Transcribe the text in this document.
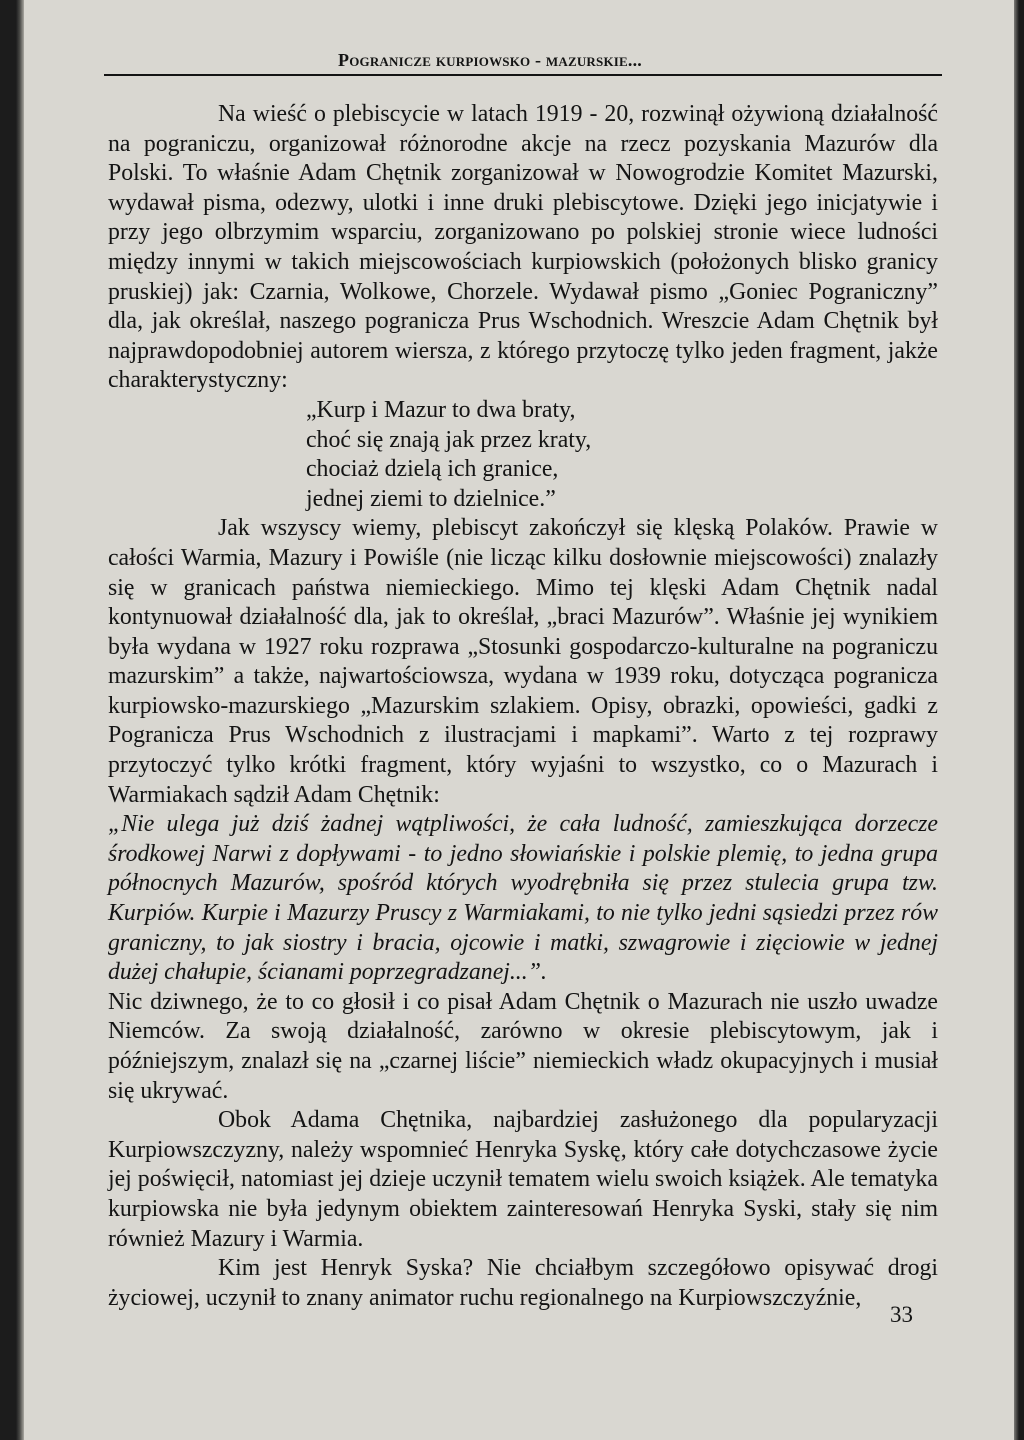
Pogranicze kurpiowsko - mazurskie...

Na wieść o plebiscycie w latach 1919 - 20, rozwinął ożywioną działalność na pograniczu, organizował różnorodne akcje na rzecz pozyskania Mazurów dla Polski. To właśnie Adam Chętnik zorganizował w Nowogrodzie Komitet Mazurski, wydawał pisma, odezwy, ulotki i inne druki plebiscytowe. Dzięki jego inicjatywie i przy jego olbrzymim wsparciu, zorganizowano po polskiej stronie wiece ludności między innymi w takich miejscowościach kurpiowskich (położonych blisko granicy pruskiej) jak: Czarnia, Wolkowe, Chorzele. Wydawał pismo „Goniec Pograniczny” dla, jak określał, naszego pogranicza Prus Wschodnich. Wreszcie Adam Chętnik był najprawdopodobniej autorem wiersza, z którego przytoczę tylko jeden fragment, jakże charakterystyczny:

„Kurp i Mazur to dwa braty,
choć się znają jak przez kraty,
chociaż dzielą ich granice,
jednej ziemi to dzielnice.”

Jak wszyscy wiemy, plebiscyt zakończył się klęską Polaków. Prawie w całości Warmia, Mazury i Powiśle (nie licząc kilku dosłownie miejscowości) znalazły się w granicach państwa niemieckiego. Mimo tej klęski Adam Chętnik nadal kontynuował działalność dla, jak to określał, „braci Mazurów”. Właśnie jej wynikiem była wydana w 1927 roku rozprawa „Stosunki gospodarczo-kulturalne na pograniczu mazurskim” a także, najwartościowsza, wydana w 1939 roku, dotycząca pogranicza kurpiowsko-mazurskiego „Mazurskim szlakiem. Opisy, obrazki, opowieści, gadki z Pogranicza Prus Wschodnich z ilustracjami i mapkami”. Warto z tej rozprawy przytoczyć tylko krótki fragment, który wyjaśni to wszystko, co o Mazurach i Warmiakach sądził Adam Chętnik:

„Nie ulega już dziś żadnej wątpliwości, że cała ludność, zamieszkująca dorzecze środkowej Narwi z dopływami - to jedno słowiańskie i polskie plemię, to jedna grupa północnych Mazurów, spośród których wyodrębniła się przez stulecia grupa tzw. Kurpiów. Kurpie i Mazurzy Pruscy z Warmiakami, to nie tylko jedni sąsiedzi przez rów graniczny, to jak siostry i bracia, ojcowie i matki, szwagrowie i zięciowie w jednej dużej chałupie, ścianami poprzegradzanej...”.

Nic dziwnego, że to co głosił i co pisał Adam Chętnik o Mazurach nie uszło uwadze Niemców. Za swoją działalność, zarówno w okresie plebiscytowym, jak i późniejszym, znalazł się na „czarnej liście” niemieckich władz okupacyjnych i musiał się ukrywać.

Obok Adama Chętnika, najbardziej zasłużonego dla popularyzacji Kurpiowszczyzny, należy wspomnieć Henryka Syskę, który całe dotychczasowe życie jej poświęcił, natomiast jej dzieje uczynił tematem wielu swoich książek. Ale tematyka kurpiowska nie była jedynym obiektem zainteresowań Henryka Syski, stały się nim również Mazury i Warmia.

Kim jest Henryk Syska? Nie chciałbym szczegółowo opisywać drogi życiowej, uczynił to znany animator ruchu regionalnego na Kurpiowszczyźnie,

33
